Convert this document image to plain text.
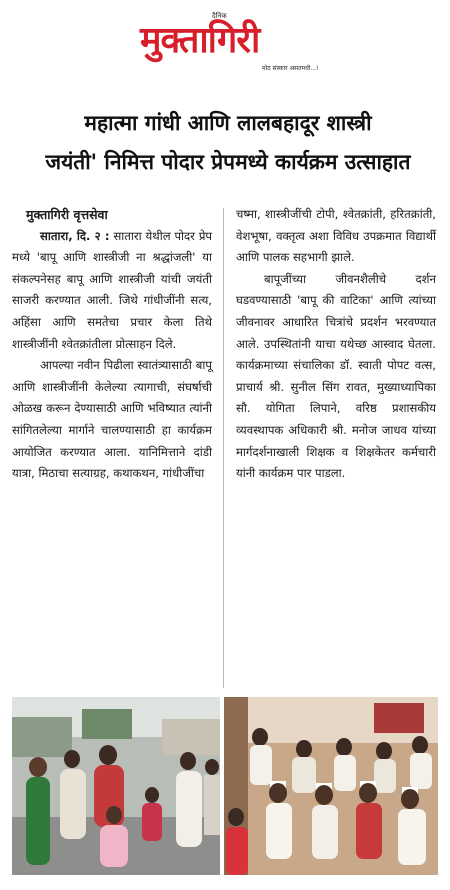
दैनिक
मुक्तागिरी
मोठ संस्कार असतमधी...!
महात्मा गांधी आणि लालबहादूर शास्त्री
जयंती' निमित्त पोदार प्रेपमध्ये कार्यक्रम उत्साहात
मुक्तागिरी वृत्तसेवा

सातारा, दि. २ : सातारा येथील पोदर प्रेप मध्ये 'बापू आणि शास्त्रीजी ना श्रद्धांजली' या संकल्पनेसह बापू आणि शास्त्रीजी यांची जयंती साजरी करण्यात आली. जिथे गांधीजींनी सत्य, अहिंसा आणि समतेचा प्रचार केला तिथे शास्त्रीजींनी श्वेतक्रांतीला प्रोत्साहन दिले.

आपल्या नवीन पिढीला स्वातंत्र्यासाठी बापू आणि शास्त्रीजींनी केलेल्या त्यागाची, संघर्षाची ओळख करून देण्यासाठी आणि भविष्यात त्यांनी सांगितलेल्या मार्गाने चालण्यासाठी हा कार्यक्रम आयोजित करण्यात आला. यानिमित्ताने दांडी यात्रा, मिठाचा सत्याग्रह, कथाकथन, गांधीजींचा

चष्मा, शास्त्रीजींची टोपी, श्वेतक्रांती, हरितक्रांती, वेशभूषा, वक्तृत्व अशा विविध उपक्रमात विद्यार्थी आणि पालक सहभागी झाले.

बापूजींच्या जीवनशैलीचे दर्शन घडवण्यासाठी 'बापू की वाटिका' आणि त्यांच्या जीवनावर आधारित चित्रांचे प्रदर्शन भरवण्यात आले. उपस्थितांनी याचा यथेच्छ आस्वाद घेतला. कार्यक्रमाच्या संचालिका डॉ. स्वाती पोपट वत्स, प्राचार्य श्री. सुनील सिंग रावत, मुख्याध्यापिका सौ. योगिता लिपाने, वरिष्ठ प्रशासकीय व्यवस्थापक अधिकारी श्री. मनोज जाधव यांच्या मार्गदर्शनाखाली शिक्षक व शिक्षकेतर कर्मचारी यांनी कार्यक्रम पार पाडला.
